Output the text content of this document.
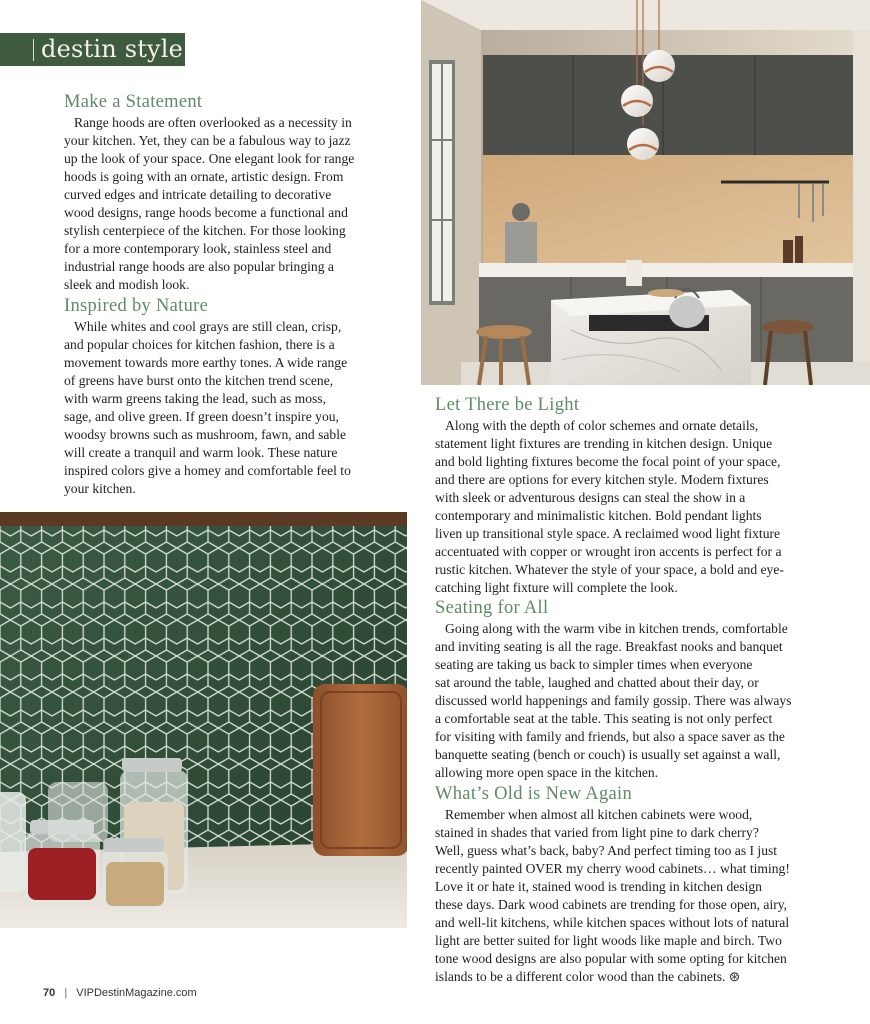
destin style
Make a Statement

Range hoods are often overlooked as a necessity in
your kitchen. Yet, they can be a fabulous way to jazz
up the look of your space. One elegant look for range
hoods is going with an ornate, artistic design. From
curved edges and intricate detailing to decorative
wood designs, range hoods become a functional and
stylish centerpiece of the kitchen. For those looking
for a more contemporary look, stainless steel and
industrial range hoods are also popular bringing a
sleek and modish look.

Inspired by Nature

While whites and cool grays are still clean, crisp,
and popular choices for kitchen fashion, there is a
movement towards more earthy tones. A wide range
of greens have burst onto the kitchen trend scene,
with warm greens taking the lead, such as moss,
sage, and olive green. If green doesn’t inspire you,
woodsy browns such as mushroom, fawn, and sable
will create a tranquil and warm look. These nature
inspired colors give a homey and comfortable feel to
your kitchen.

Let There be Light

Along with the depth of color schemes and ornate details,
statement light fixtures are trending in kitchen design. Unique
and bold lighting fixtures become the focal point of your space,
and there are options for every kitchen style. Modern fixtures
with sleek or adventurous designs can steal the show in a
contemporary and minimalistic kitchen. Bold pendant lights
liven up transitional style space. A reclaimed wood light fixture
accentuated with copper or wrought iron accents is perfect for a
rustic kitchen. Whatever the style of your space, a bold and eye-
catching light fixture will complete the look.

Seating for All

Going along with the warm vibe in kitchen trends, comfortable
and inviting seating is all the rage. Breakfast nooks and banquet
seating are taking us back to simpler times when everyone
sat around the table, laughed and chatted about their day, or
discussed world happenings and family gossip. There was always
a comfortable seat at the table. This seating is not only perfect
for visiting with family and friends, but also a space saver as the
banquette seating (bench or couch) is usually set against a wall,
allowing more open space in the kitchen.

What’s Old is New Again

Remember when almost all kitchen cabinets were wood,
stained in shades that varied from light pine to dark cherry?
Well, guess what’s back, baby? And perfect timing too as I just
recently painted OVER my cherry wood cabinets… what timing!
Love it or hate it, stained wood is trending in kitchen design
these days. Dark wood cabinets are trending for those open, airy,
and well-lit kitchens, while kitchen spaces without lots of natural
light are better suited for light woods like maple and birch. Two
tone wood designs are also popular with some opting for kitchen
islands to be a different color wood than the cabinets. ⊛

70 | VIPDestinMagazine.com
